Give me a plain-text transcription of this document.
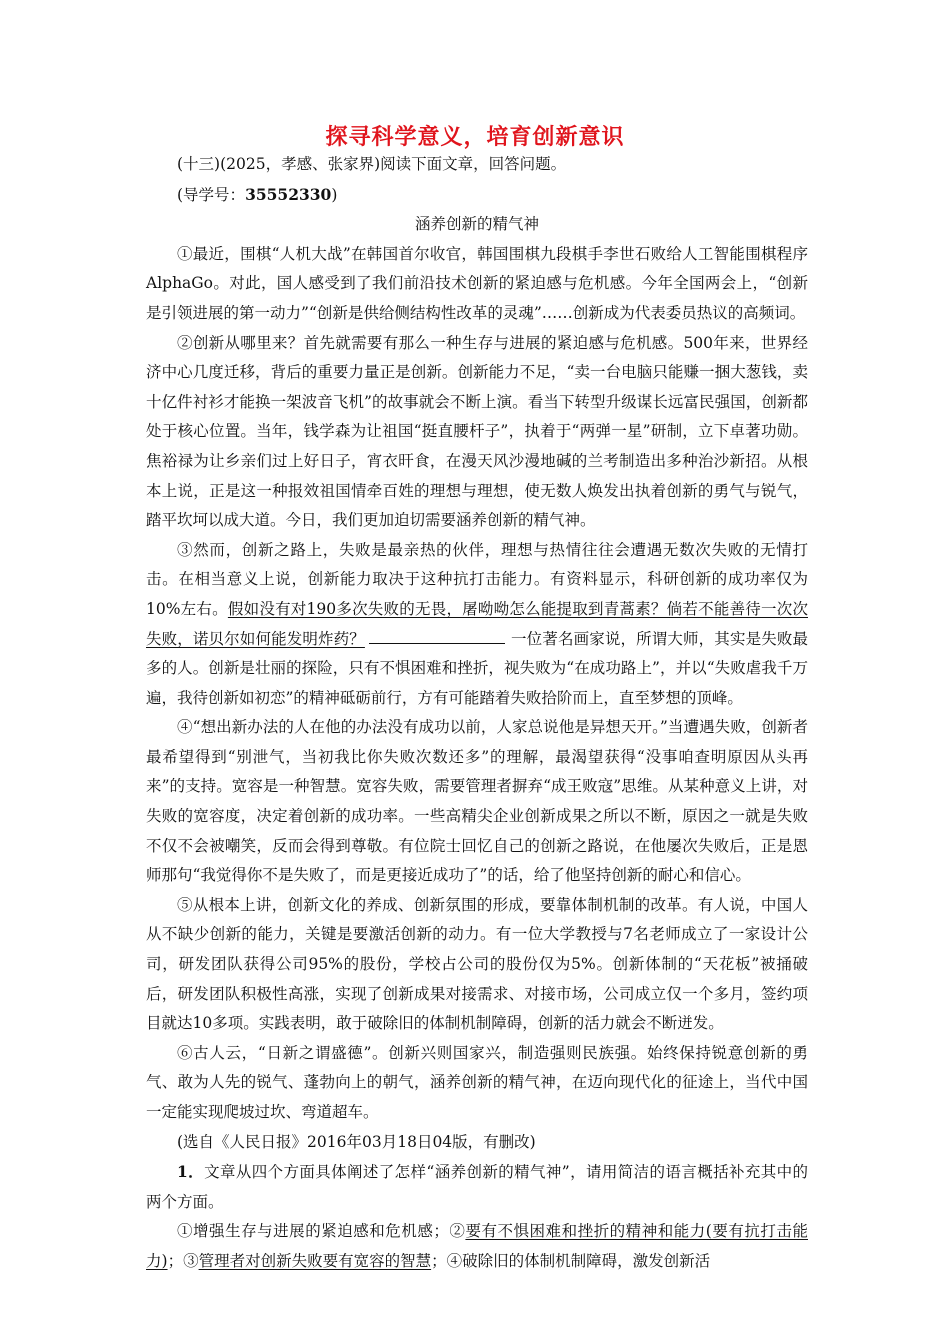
探寻科学意义，培育创新意识

(十三)(2025，孝感、张家界)阅读下面文章，回答问题。

(导学号：35552330)

涵养创新的精气神

①最近，围棋“人机大战”在韩国首尔收官，韩国围棋九段棋手李世石败给人工智能围棋程序AlphaGo。对此，国人感受到了我们前沿技术创新的紧迫感与危机感。今年全国两会上，“创新是引领进展的第一动力”“创新是供给侧结构性改革的灵魂”……创新成为代表委员热议的高频词。

②创新从哪里来？首先就需要有那么一种生存与进展的紧迫感与危机感。500年来，世界经济中心几度迁移，背后的重要力量正是创新。创新能力不足，“卖一台电脑只能赚一捆大葱钱，卖十亿件衬衫才能换一架波音飞机”的故事就会不断上演。看当下转型升级谋长远富民强国，创新都处于核心位置。当年，钱学森为让祖国“挺直腰杆子”，执着于“两弹一星”研制，立下卓著功勋。焦裕禄为让乡亲们过上好日子，宵衣旰食，在漫天风沙漫地碱的兰考制造出多种治沙新招。从根本上说，正是这一种报效祖国情牵百姓的理想与理想，使无数人焕发出执着创新的勇气与锐气，踏平坎坷以成大道。今日，我们更加迫切需要涵养创新的精气神。

③然而，创新之路上，失败是最亲热的伙伴，理想与热情往往会遭遇无数次失败的无情打击。在相当意义上说，创新能力取决于这种抗打击能力。有资料显示，科研创新的成功率仅为10%左右。假如没有对190多次失败的无畏，屠呦呦怎么能提取到青蒿素？倘若不能善待一次次失败，诺贝尔如何能发明炸药？	一位著名画家说，所谓大师，其实是失败最多的人。创新是壮丽的探险，只有不惧困难和挫折，视失败为“在成功路上”，并以“失败虐我千万遍，我待创新如初恋”的精神砥砺前行，方有可能踏着失败拾阶而上，直至梦想的顶峰。

④“想出新办法的人在他的办法没有成功以前，人家总说他是异想天开。”当遭遇失败，创新者最希望得到“别泄气，当初我比你失败次数还多”的理解，最渴望获得“没事咱查明原因从头再来”的支持。宽容是一种智慧。宽容失败，需要管理者摒弃“成王败寇”思维。从某种意义上讲，对失败的宽容度，决定着创新的成功率。一些高精尖企业创新成果之所以不断，原因之一就是失败不仅不会被嘲笑，反而会得到尊敬。有位院士回忆自己的创新之路说，在他屡次失败后，正是恩师那句“我觉得你不是失败了，而是更接近成功了”的话，给了他坚持创新的耐心和信心。

⑤从根本上讲，创新文化的养成、创新氛围的形成，要靠体制机制的改革。有人说，中国人从不缺少创新的能力，关键是要激活创新的动力。有一位大学教授与7名老师成立了一家设计公司，研发团队获得公司95%的股份，学校占公司的股份仅为5%。创新体制的“天花板”被捅破后，研发团队积极性高涨，实现了创新成果对接需求、对接市场，公司成立仅一个多月，签约项目就达10多项。实践表明，敢于破除旧的体制机制障碍，创新的活力就会不断迸发。

⑥古人云，“日新之谓盛德”。创新兴则国家兴，制造强则民族强。始终保持锐意创新的勇气、敢为人先的锐气、蓬勃向上的朝气，涵养创新的精气神，在迈向现代化的征途上，当代中国一定能实现爬坡过坎、弯道超车。

(选自《人民日报》2016年03月18日04版，有删改)

1．文章从四个方面具体阐述了怎样“涵养创新的精气神”，请用简洁的语言概括补充其中的两个方面。

①增强生存与进展的紧迫感和危机感；②要有不惧困难和挫折的精神和能力(要有抗打击能力)；③管理者对创新失败要有宽容的智慧；④破除旧的体制机制障碍，激发创新活
